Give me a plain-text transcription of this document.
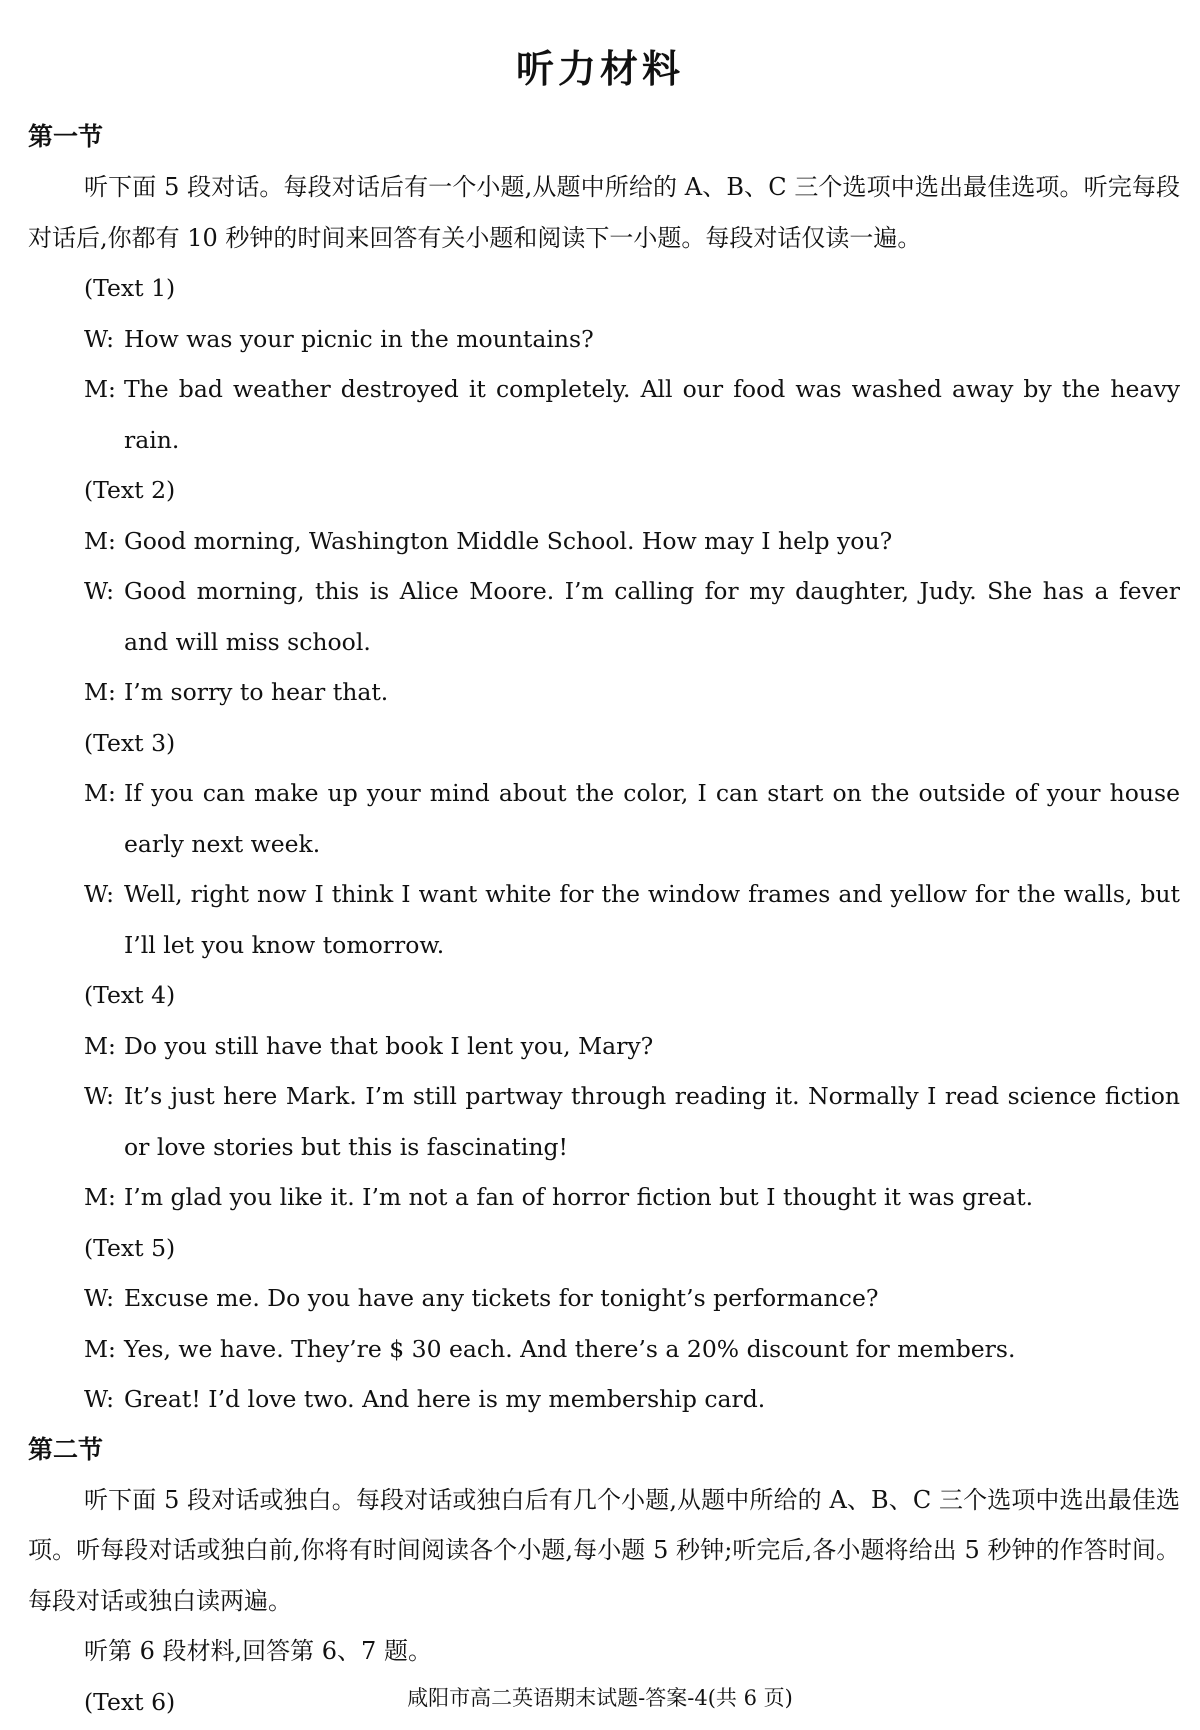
听力材料
第一节
听下面 5 段对话。每段对话后有一个小题,从题中所给的 A、B、C 三个选项中选出最佳选项。听完每段对话后,你都有 10 秒钟的时间来回答有关小题和阅读下一小题。每段对话仅读一遍。
(Text 1)
W: How was your picnic in the mountains?
M: The bad weather destroyed it completely. All our food was washed away by the heavy rain.
(Text 2)
M: Good morning, Washington Middle School. How may I help you?
W: Good morning, this is Alice Moore. I’m calling for my daughter, Judy. She has a fever and will miss school.
M: I’m sorry to hear that.
(Text 3)
M: If you can make up your mind about the color, I can start on the outside of your house early next week.
W: Well, right now I think I want white for the window frames and yellow for the walls, but I’ll let you know tomorrow.
(Text 4)
M: Do you still have that book I lent you, Mary?
W: It’s just here Mark. I’m still partway through reading it. Normally I read science fiction or love stories but this is fascinating!
M: I’m glad you like it. I’m not a fan of horror fiction but I thought it was great.
(Text 5)
W: Excuse me. Do you have any tickets for tonight’s performance?
M: Yes, we have. They’re $ 30 each. And there’s a 20% discount for members.
W: Great! I’d love two. And here is my membership card.
第二节
听下面 5 段对话或独白。每段对话或独白后有几个小题,从题中所给的 A、B、C 三个选项中选出最佳选项。听每段对话或独白前,你将有时间阅读各个小题,每小题 5 秒钟;听完后,各小题将给出 5 秒钟的作答时间。每段对话或独白读两遍。
听第 6 段材料,回答第 6、7 题。
(Text 6)	咸阳市高二英语期末试题-答案-4(共 6 页)
